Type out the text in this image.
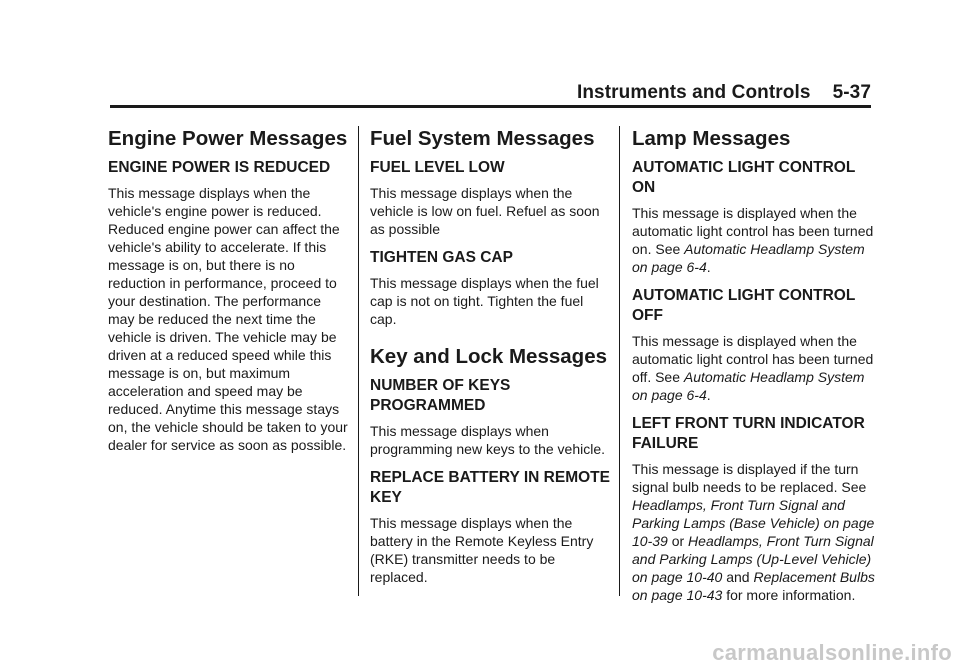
Instruments and Controls 5-37
Engine Power Messages
ENGINE POWER IS REDUCED

This message displays when the vehicle's engine power is reduced. Reduced engine power can affect the vehicle's ability to accelerate. If this message is on, but there is no reduction in performance, proceed to your destination. The performance may be reduced the next time the vehicle is driven. The vehicle may be driven at a reduced speed while this message is on, but maximum acceleration and speed may be reduced. Anytime this message stays on, the vehicle should be taken to your dealer for service as soon as possible.

Fuel System Messages
FUEL LEVEL LOW

This message displays when the vehicle is low on fuel. Refuel as soon as possible

TIGHTEN GAS CAP

This message displays when the fuel cap is not on tight. Tighten the fuel cap.

Key and Lock Messages
NUMBER OF KEYS PROGRAMMED

This message displays when programming new keys to the vehicle.

REPLACE BATTERY IN REMOTE KEY

This message displays when the battery in the Remote Keyless Entry (RKE) transmitter needs to be replaced.

Lamp Messages
AUTOMATIC LIGHT CONTROL ON

This message is displayed when the automatic light control has been turned on. See Automatic Headlamp System on page 6-4.

AUTOMATIC LIGHT CONTROL OFF

This message is displayed when the automatic light control has been turned off. See Automatic Headlamp System on page 6-4.

LEFT FRONT TURN INDICATOR FAILURE

This message is displayed if the turn signal bulb needs to be replaced. See Headlamps, Front Turn Signal and Parking Lamps (Base Vehicle) on page 10-39 or Headlamps, Front Turn Signal and Parking Lamps (Up-Level Vehicle) on page 10-40 and Replacement Bulbs on page 10-43 for more information.

carmanualsonline.info
